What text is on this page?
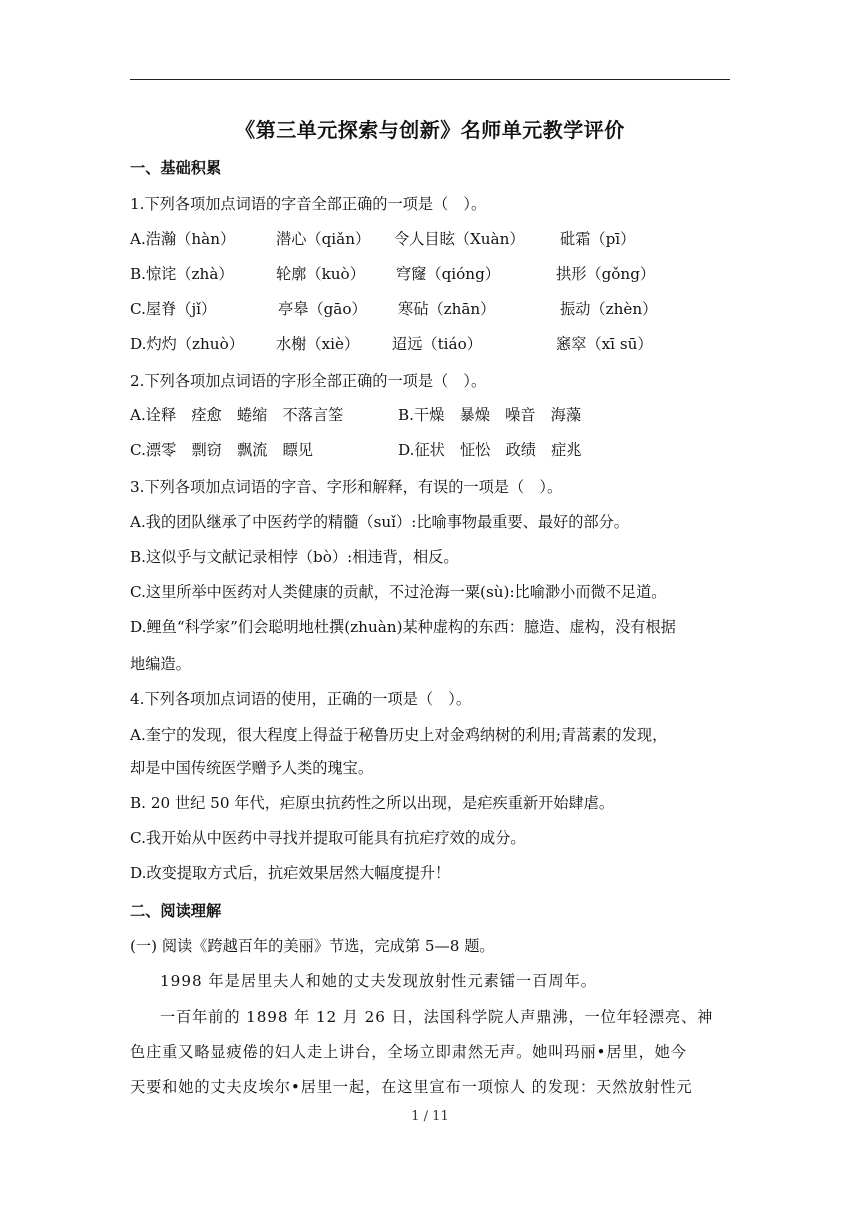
《第三单元探索与创新》名师单元教学评价
一、基础积累
1.下列各项加点词语的字音全部正确的一项是（　）。
A.浩瀚（hàn）	潜心（qiǎn） 令人目眩（Xuàn） 砒霜（pī）
B.惊诧（zhà）	轮廓（kuò） 穹窿（qióng）	拱形（gǒng）
C.屋脊（jǐ）	亭皋（gāo） 寒砧（zhān）	振动（zhèn）
D.灼灼（zhuò） 水榭（xiè） 迢远（tiáo）	窸窣（xī sū）
2.下列各项加点词语的字形全部正确的一项是（　）。
A.诠释　痊愈　蜷缩　不落言筌	B.干燥　暴燥　噪音　海藻
C.漂零　剽窃　飘流　瞟见	D.征状　怔忪　政绩　症兆
3.下列各项加点词语的字音、字形和解释，有误的一项是（　）。
A.我的团队继承了中医药学的精髓（suǐ）:比喻事物最重要、最好的部分。
B.这似乎与文献记录相悖（bò）:相违背，相反。
C.这里所举中医药对人类健康的贡献，不过沧海一粟(sù):比喻渺小而微不足道。
D.鲤鱼“科学家”们会聪明地杜撰(zhuàn)某种虚构的东西：臆造、虚构，没有根据
地编造。
4.下列各项加点词语的使用，正确的一项是（　）。
A.奎宁的发现，很大程度上得益于秘鲁历史上对金鸡纳树的利用;青蒿素的发现，
却是中国传统医学赠予人类的瑰宝。
B. 20 世纪 50 年代，疟原虫抗药性之所以出现，是疟疾重新开始肆虐。
C.我开始从中医药中寻找并提取可能具有抗疟疗效的成分。
D.改变提取方式后，抗疟效果居然大幅度提升！
二、阅读理解
(一) 阅读《跨越百年的美丽》节选，完成第 5—8 题。
1998 年是居里夫人和她的丈夫发现放射性元素镭一百周年。
一百年前的 1898 年 12 月 26 日，法国科学院人声鼎沸，一位年轻漂亮、神
色庄重又略显疲倦的妇人走上讲台，全场立即肃然无声。她叫玛丽•居里，她今
天要和她的丈夫皮埃尔•居里一起，在这里宣布一项惊人 的发现：天然放射性元
1 / 11
